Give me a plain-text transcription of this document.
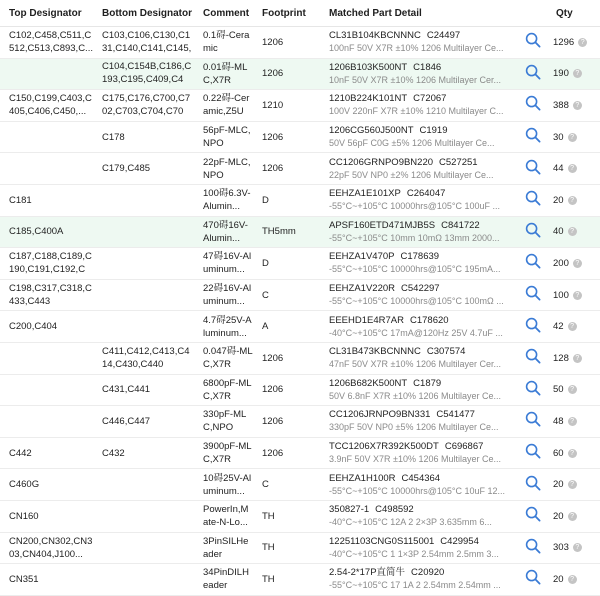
Top Designator	Bottom Designator	Comment	Footprint	Matched Part Detail		Qty

C102,C458,C511,C512,C513,C893,C...	C103,C106,C130,C131,C140,C141,C145,	0.1碍-Ceramic	1206	CL31B104KBCNNNC C24497
100nF 50V X7R ±10% 1206 Multilayer Ce...		1296 ?

	C104,C154B,C186,C193,C195,C409,C4	0.01碍-MLC,X7R	1206	1206B103K500NT C1846
10nF 50V X7R ±10% 1206 Multilayer Cer...		190 ?

C150,C199,C403,C405,C406,C450,...	C175,C176,C700,C702,C703,C704,C70	0.22碍-Ceramic,Z5U	1210	1210B224K101NT C72067
100V 220nF X7R ±10% 1210 Multilayer C...		388 ?

	C178	56pF-MLC,NPO	1206	1206CG560J500NT C1919
50V 56pF C0G ±5% 1206 Multilayer Ce...		30 ?

	C179,C485	22pF-MLC,NPO	1206	CC1206GRNPO9BN220 C527251
22pF 50V NP0 ±2% 1206 Multilayer Ce...		44 ?

C181		100碍6.3V-Alumin...	D	EEHZA1E101XP C264047
-55°C~+105°C 10000hrs@105°C 100uF ...		20 ?

C185,C400A		470碍16V-Alumin...	TH5mm	APSF160ETD471MJB5S C841722
-55°C~+105°C 10mm 10mΩ 13mm 2000...		40 ?

C187,C188,C189,C190,C191,C192,C		47碍16V-Aluminum...	D	EEHZA1V470P C178639
-55°C~+105°C 10000hrs@105°C 195mA...		200 ?

C198,C317,C318,C433,C443		22碍16V-Aluminum...	C	EEHZA1V220R C542297
-55°C~+105°C 10000hrs@105°C 100mΩ ...		100 ?

C200,C404		4.7碍25V-Aluminum...	A	EEEHD1E4R7AR C178620
-40°C~+105°C 17mA@120Hz 25V 4.7uF ...		42 ?

	C411,C412,C413,C414,C430,C440	0.047碍-MLC,X7R	1206	CL31B473KBCNNNC C307574
47nF 50V X7R ±10% 1206 Multilayer Cer...		128 ?

	C431,C441	6800pF-MLC,X7R	1206	1206B682K500NT C1879
50V 6.8nF X7R ±10% 1206 Multilayer Ce...		50 ?

	C446,C447	330pF-MLC,NPO	1206	CC1206JRNPO9BN331 C541477
330pF 50V NP0 ±5% 1206 Multilayer Ce...		48 ?

C442	C432	3900pF-MLC,X7R	1206	TCC1206X7R392K500DT C696867
3.9nF 50V X7R ±10% 1206 Multilayer Ce...		60 ?

C460G		10碍25V-Aluminum...	C	EEHZA1H100R C454364
-55°C~+105°C 10000hrs@105°C 10uF 12...		20 ?

CN160		PowerIn,Mate-N-Lo...	TH	350827-1 C498592
-40°C~+105°C 12A 2 2×3P 3.635mm 6...		20 ?

CN200,CN302,CN303,CN404,J100...		3PinSILHeader	TH	12251103CNG0S115001 C429954
-40°C~+105°C 1 1×3P 2.54mm 2.5mm 3...		303 ?

CN351		34PinDILHeader	TH	2.54-2*17P直简牛 C20920
-55°C~+105°C 17 1A 2 2.54mm 2.54mm ...		20 ?
